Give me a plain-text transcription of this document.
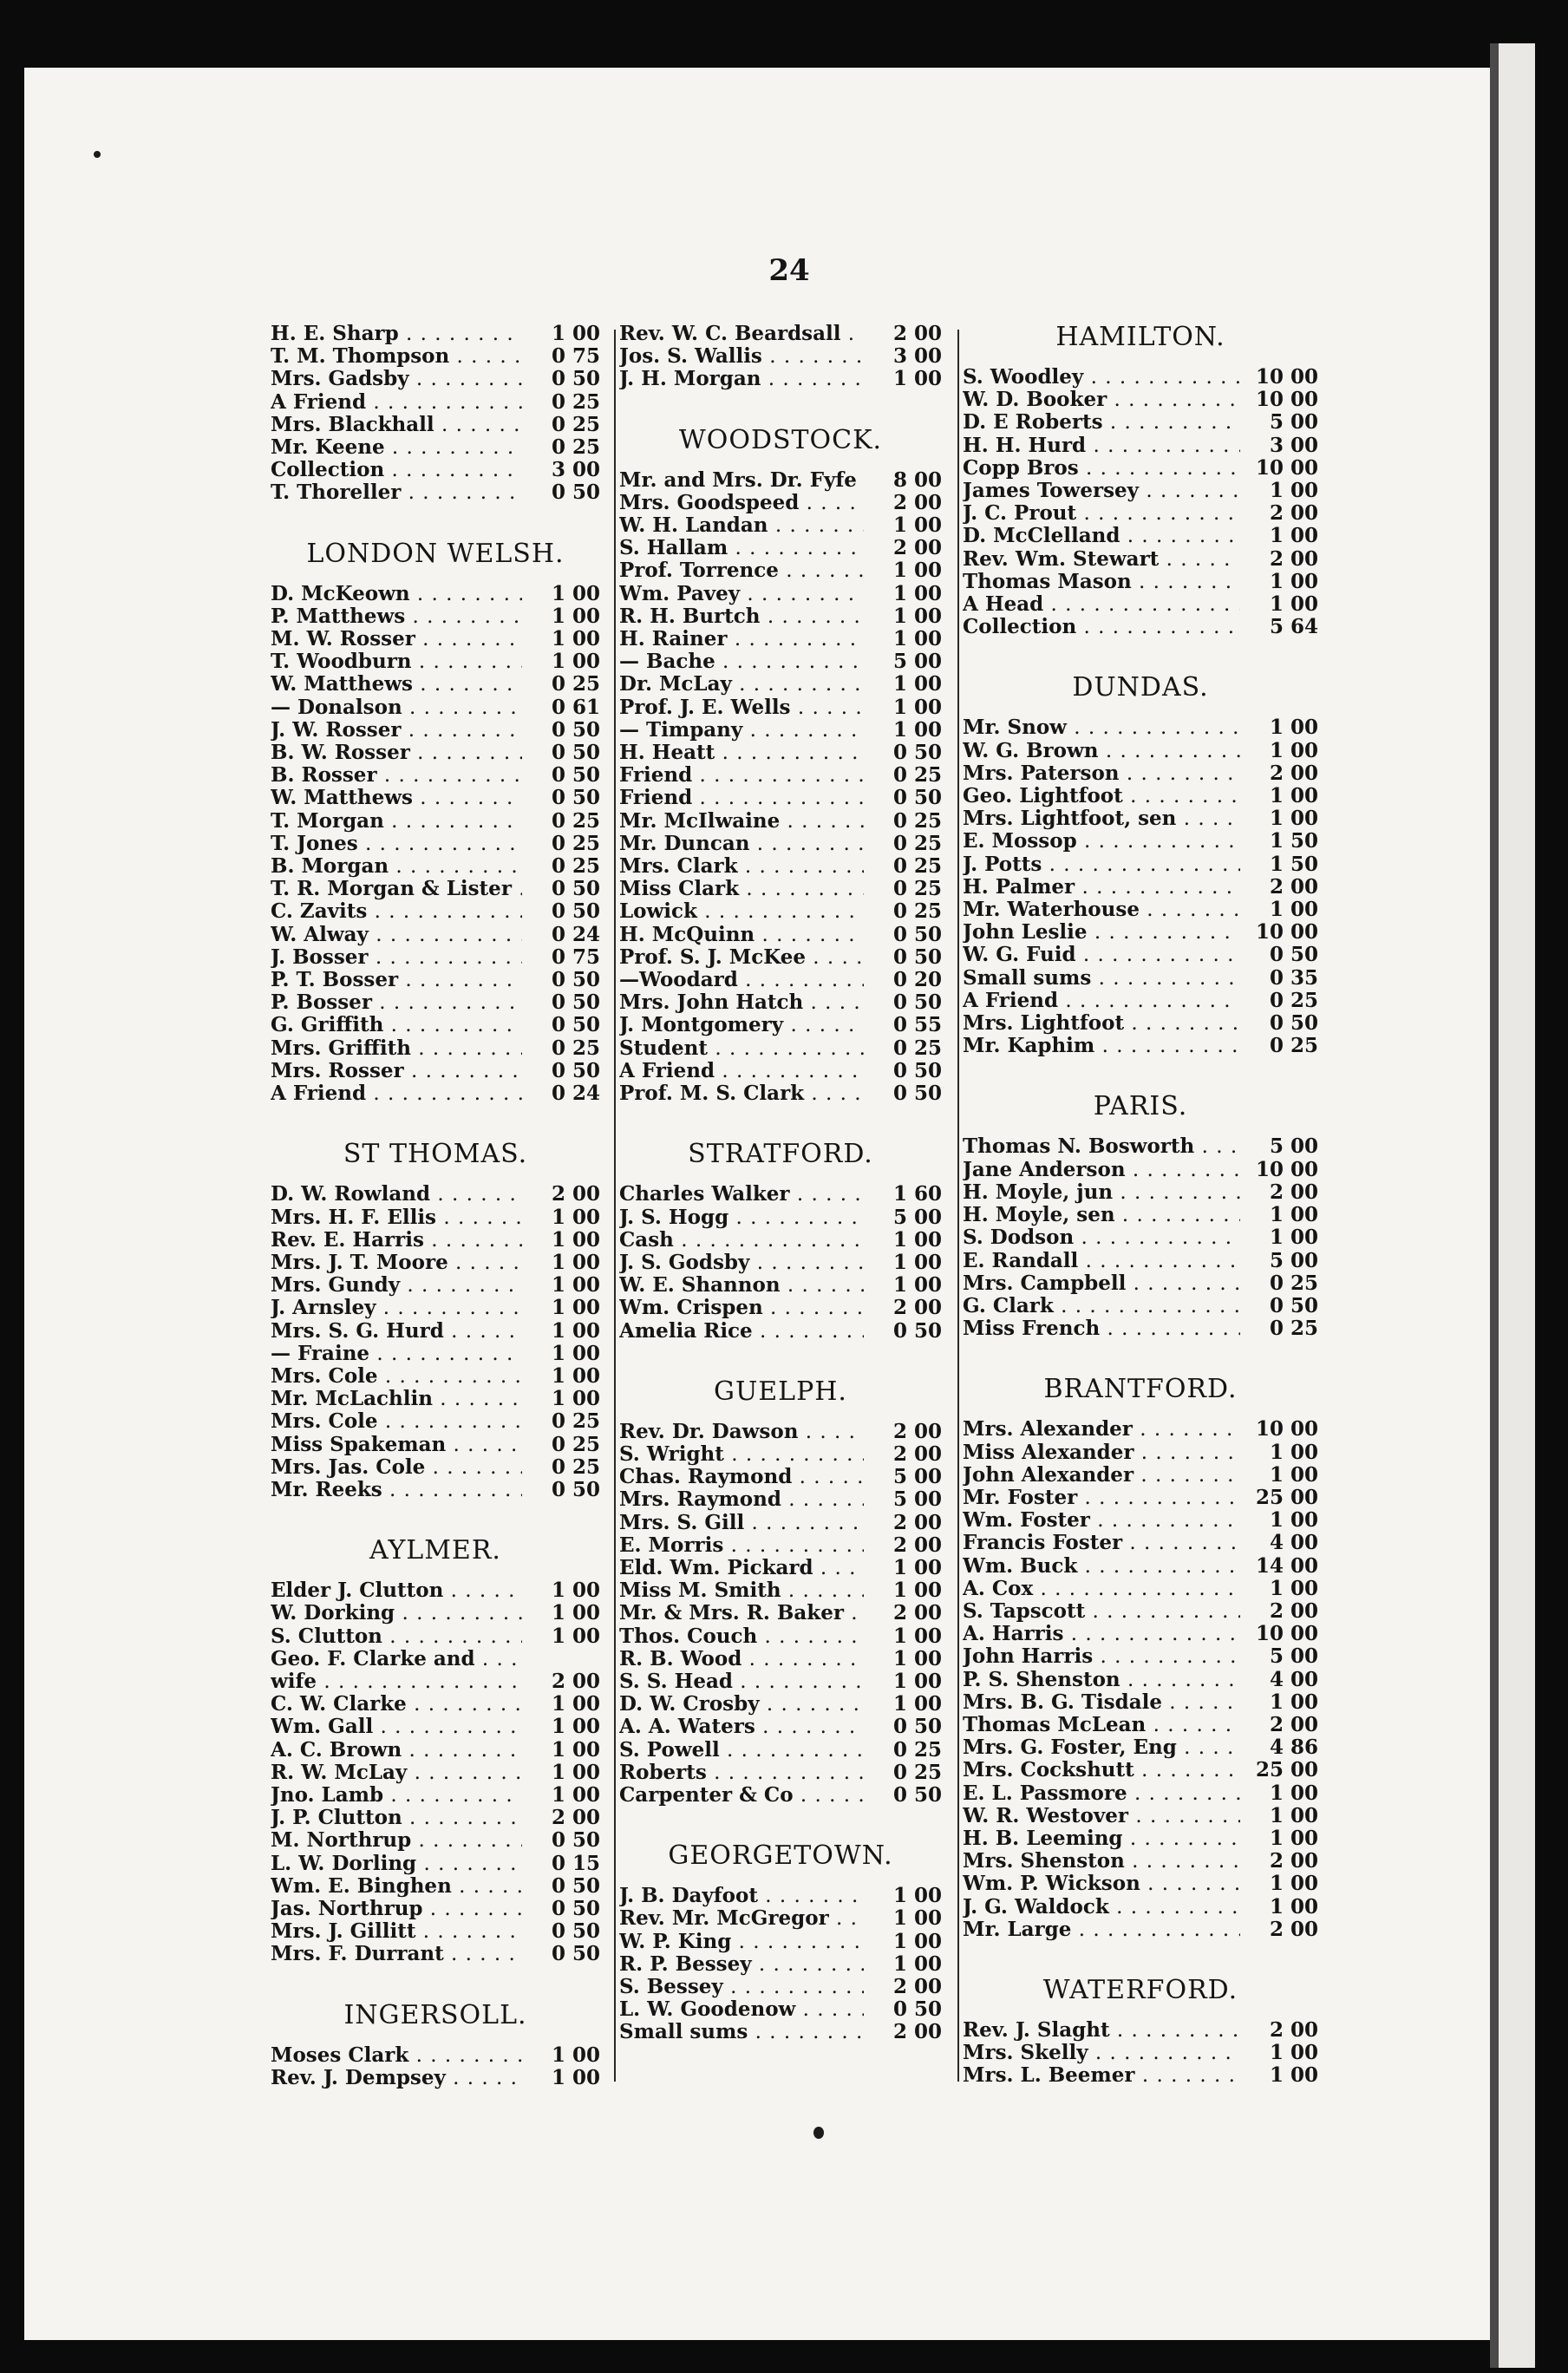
24
H. E. Sharp . . .	1 00
T. M. Thompson . . .	0 75
Mrs. Gadsby . . .	0 50
A Friend . . .	0 25
Mrs. Blackhall . . .	0 25
Mr. Keene . . .	0 25
Collection . . .	3 00
T. Thoreller . . .	0 50
LONDON WELSH.
D. McKeown . . .	1 00
P. Matthews . . .	1 00
M. W. Rosser . . .	1 00
T. Woodburn . . .	1 00
W. Matthews . . .	0 25
— Donalson . . .	0 61
J. W. Rosser . . .	0 50
B. W. Rosser . . .	0 50
B. Rosser . . .	0 50
W. Matthews . . .	0 50
T. Morgan . . .	0 25
T. Jones . . .	0 25
B. Morgan . . .	0 25
T. R. Morgan & Lister . . .	0 50
C. Zavits . . .	0 50
W. Alway . . .	0 24
J. Bosser . . .	0 75
P. T. Bosser . . .	0 50
P. Bosser . . .	0 50
G. Griffith . . .	0 50
Mrs. Griffith . . .	0 25
Mrs. Rosser . . .	0 50
A Friend . . .	0 24
ST THOMAS.
D. W. Rowland . . .	2 00
Mrs. H. F. Ellis . . .	1 00
Rev. E. Harris . . .	1 00
Mrs. J. T. Moore . . .	1 00
Mrs. Gundy . . .	1 00
J. Arnsley . . .	1 00
Mrs. S. G. Hurd . . .	1 00
— Fraine . . .	1 00
Mrs. Cole . . .	1 00
Mr. McLachlin . . .	1 00
Mrs. Cole . . .	0 25
Miss Spakeman . . .	0 25
Mrs. Jas. Cole . . .	0 25
Mr. Reeks . . .	0 50
AYLMER.
Elder J. Clutton . . .	1 00
W. Dorking . . .	1 00
S. Clutton . . .	1 00
Geo. F. Clarke and . . .
wife . . .	2 00
C. W. Clarke . . .	1 00
Wm. Gall . . .	1 00
A. C. Brown . . .	1 00
R. W. McLay . . .	1 00
Jno. Lamb . . .	1 00
J. P. Clutton . . .	2 00
M. Northrup . . .	0 50
L. W. Dorling . . .	0 15
Wm. E. Binghen . . .	0 50
Jas. Northrup . . .	0 50
Mrs. J. Gillitt . . .	0 50
Mrs. F. Durrant . . .	0 50
INGERSOLL.
Moses Clark . . .	1 00
Rev. J. Dempsey . . .	1 00
Rev. W. C. Beardsall . . .	2 00
Jos. S. Wallis . . .	3 00
J. H. Morgan . . .	1 00
WOODSTOCK.
Mr. and Mrs. Dr. Fyfe . . .	8 00
Mrs. Goodspeed . . .	2 00
W. H. Landan . . .	1 00
S. Hallam . . .	2 00
Prof. Torrence . . .	1 00
Wm. Pavey . . .	1 00
R. H. Burtch . . .	1 00
H. Rainer . . .	1 00
— Bache . . .	5 00
Dr. McLay . . .	1 00
Prof. J. E. Wells . . .	1 00
— Timpany . . .	1 00
H. Heatt . . .	0 50
Friend . . .	0 25
Friend . . .	0 50
Mr. McIlwaine . . .	0 25
Mr. Duncan . . .	0 25
Mrs. Clark . . .	0 25
Miss Clark . . .	0 25
Lowick . . .	0 25
H. McQuinn . . .	0 50
Prof. S. J. McKee . . .	0 50
—Woodard . . .	0 20
Mrs. John Hatch . . .	0 50
J. Montgomery . . .	0 55
Student . . .	0 25
A Friend . . .	0 50
Prof. M. S. Clark . . .	0 50
STRATFORD.
Charles Walker . . .	1 60
J. S. Hogg . . .	5 00
Cash . . .	1 00
J. S. Godsby . . .	1 00
W. E. Shannon . . .	1 00
Wm. Crispen . . .	2 00
Amelia Rice . . .	0 50
GUELPH.
Rev. Dr. Dawson . . .	2 00
S. Wright . . .	2 00
Chas. Raymond . . .	5 00
Mrs. Raymond . . .	5 00
Mrs. S. Gill . . .	2 00
E. Morris . . .	2 00
Eld. Wm. Pickard . . .	1 00
Miss M. Smith . . .	1 00
Mr. & Mrs. R. Baker . . .	2 00
Thos. Couch . . .	1 00
R. B. Wood . . .	1 00
S. S. Head . . .	1 00
D. W. Crosby . . .	1 00
A. A. Waters . . .	0 50
S. Powell . . .	0 25
Roberts . . .	0 25
Carpenter & Co . . .	0 50
GEORGETOWN.
J. B. Dayfoot . . .	1 00
Rev. Mr. McGregor . . .	1 00
W. P. King . . .	1 00
R. P. Bessey . . .	1 00
S. Bessey . . .	2 00
L. W. Goodenow . . .	0 50
Small sums . . .	2 00
HAMILTON.
S. Woodley . . .	10 00
W. D. Booker . . .	10 00
D. E Roberts . . .	5 00
H. H. Hurd . . .	3 00
Copp Bros . . .	10 00
James Towersey . . .	1 00
J. C. Prout . . .	2 00
D. McClelland . . .	1 00
Rev. Wm. Stewart . . .	2 00
Thomas Mason . . .	1 00
A Head . . .	1 00
Collection . . .	5 64
DUNDAS.
Mr. Snow . . .	1 00
W. G. Brown . . .	1 00
Mrs. Paterson . . .	2 00
Geo. Lightfoot . . .	1 00
Mrs. Lightfoot, sen . . .	1 00
E. Mossop . . .	1 50
J. Potts . . .	1 50
H. Palmer . . .	2 00
Mr. Waterhouse . . .	1 00
John Leslie . . .	10 00
W. G. Fuid . . .	0 50
Small sums . . .	0 35
A Friend . . .	0 25
Mrs. Lightfoot . . .	0 50
Mr. Kaphim . . .	0 25
PARIS.
Thomas N. Bosworth . . .	5 00
Jane Anderson . . .	10 00
H. Moyle, jun . . .	2 00
H. Moyle, sen . . .	1 00
S. Dodson . . .	1 00
E. Randall . . .	5 00
Mrs. Campbell . . .	0 25
G. Clark . . .	0 50
Miss French . . .	0 25
BRANTFORD.
Mrs. Alexander . . .	10 00
Miss Alexander . . .	1 00
John Alexander . . .	1 00
Mr. Foster . . .	25 00
Wm. Foster . . .	1 00
Francis Foster . . .	4 00
Wm. Buck . . .	14 00
A. Cox . . .	1 00
S. Tapscott . . .	2 00
A. Harris . . .	10 00
John Harris . . .	5 00
P. S. Shenston . . .	4 00
Mrs. B. G. Tisdale . . .	1 00
Thomas McLean . . .	2 00
Mrs. G. Foster, Eng . . .	4 86
Mrs. Cockshutt . . .	25 00
E. L. Passmore . . .	1 00
W. R. Westover . . .	1 00
H. B. Leeming . . .	1 00
Mrs. Shenston . . .	2 00
Wm. P. Wickson . . .	1 00
J. G. Waldock . . .	1 00
Mr. Large . . .	2 00
WATERFORD.
Rev. J. Slaght . . .	2 00
Mrs. Skelly . . .	1 00
Mrs. L. Beemer . . .	1 00
